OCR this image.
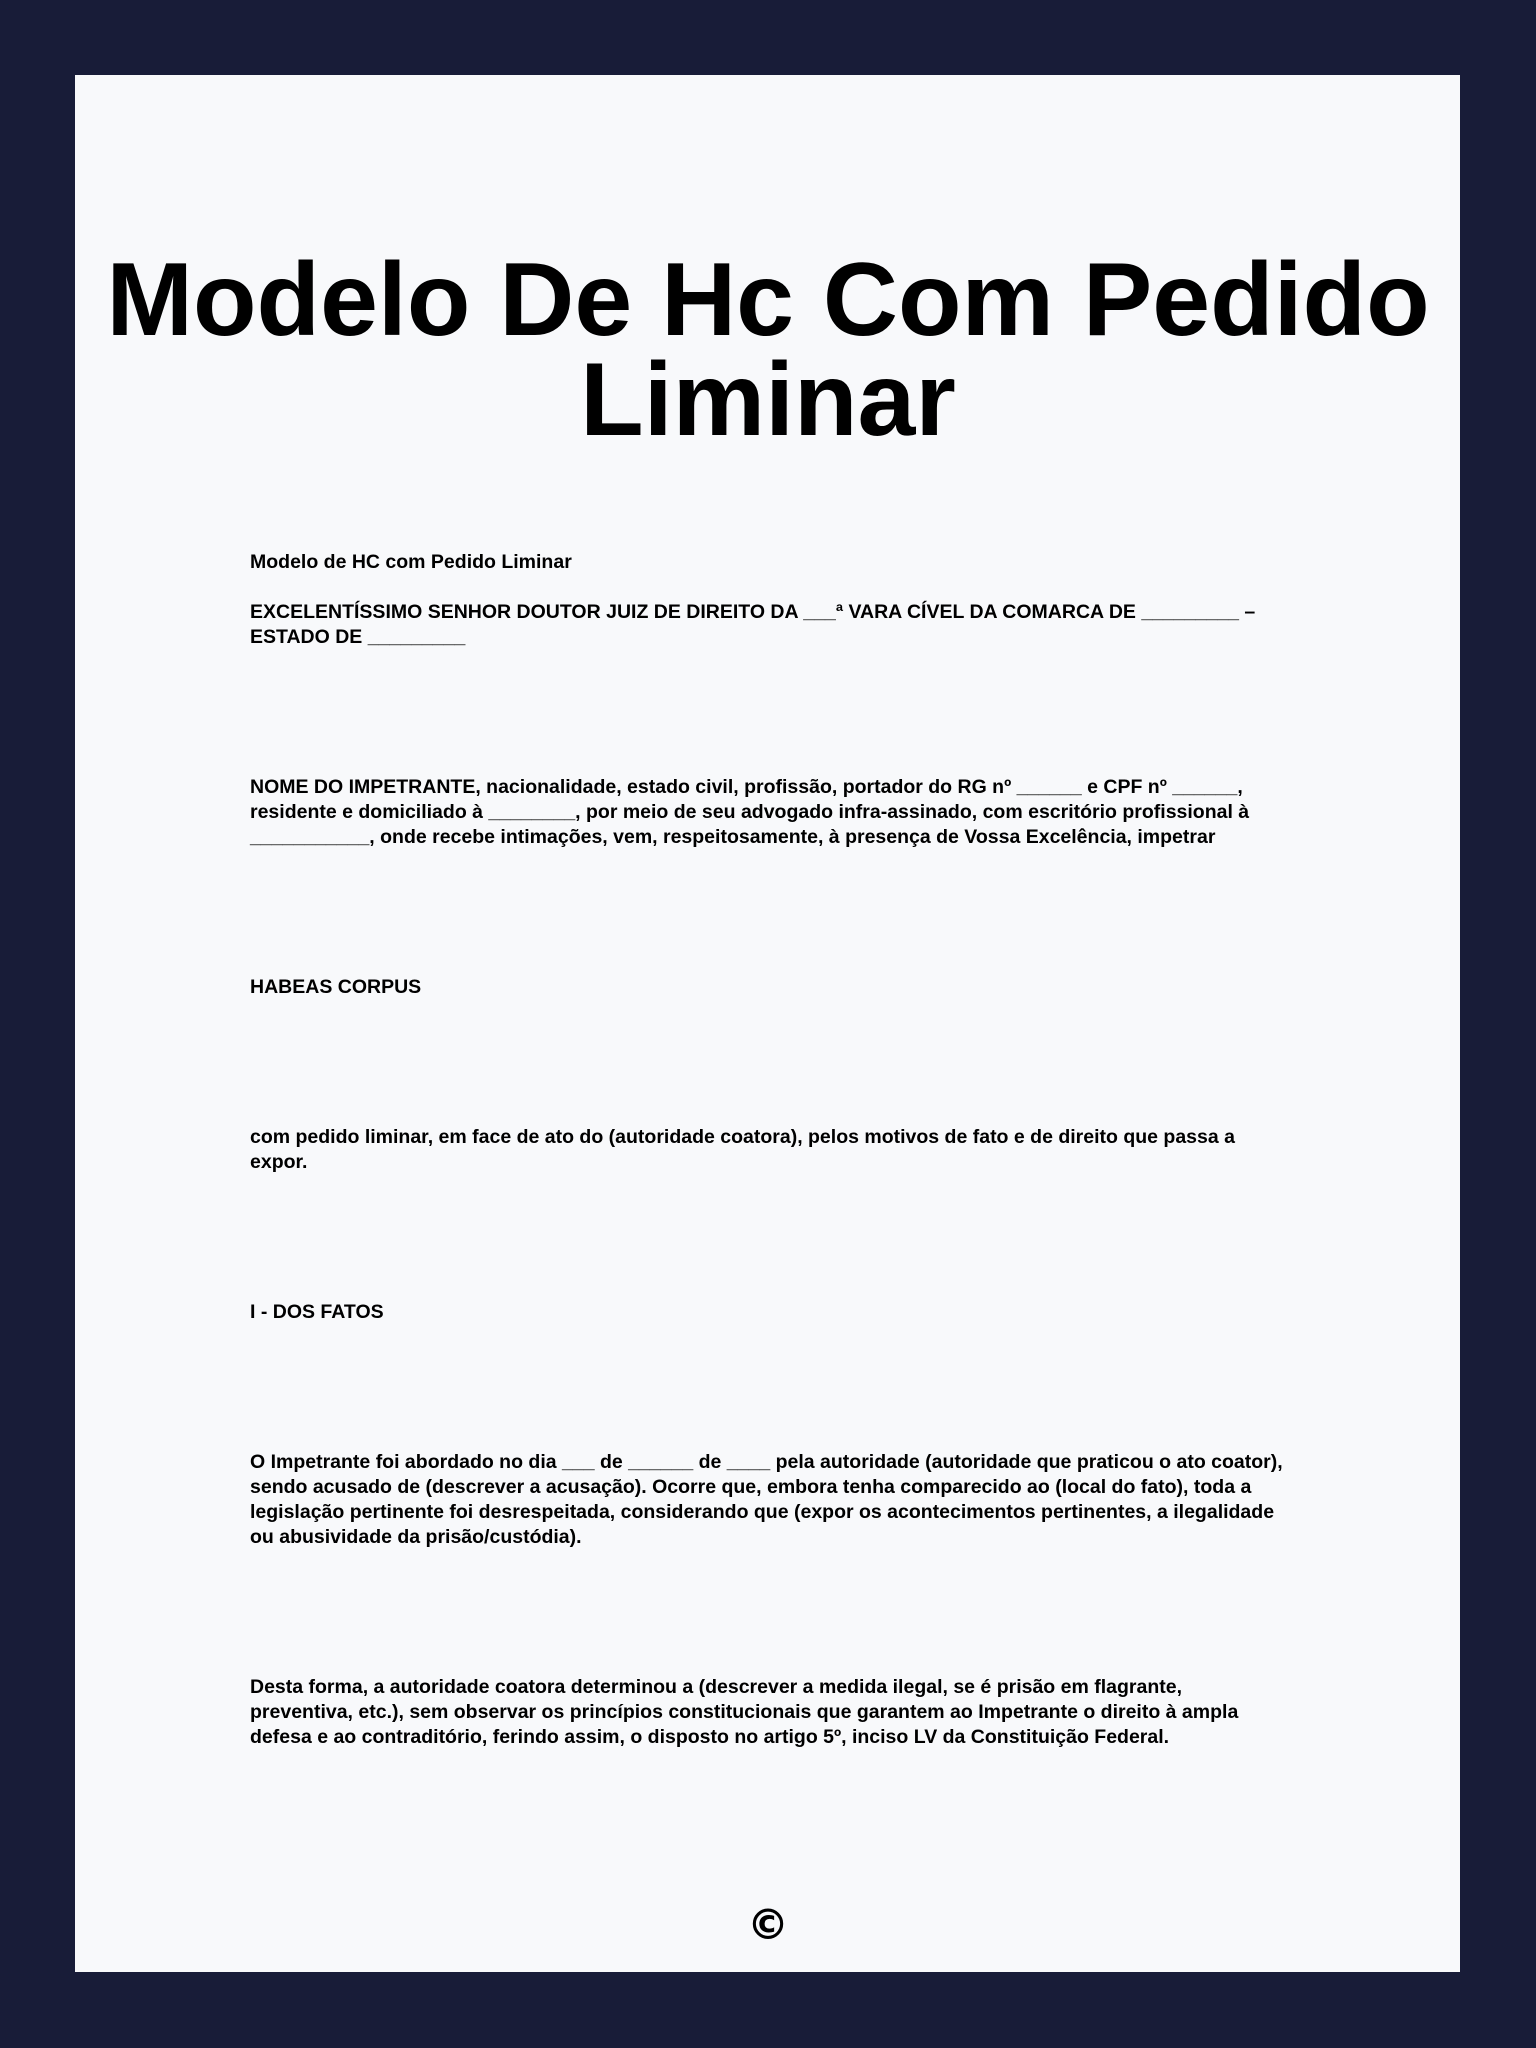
Modelo De Hc Com Pedido Liminar

Modelo de HC com Pedido Liminar

EXCELENTÍSSIMO SENHOR DOUTOR JUIZ DE DIREITO DA ___ª VARA CÍVEL DA COMARCA DE _________ – ESTADO DE _________

NOME DO IMPETRANTE, nacionalidade, estado civil, profissão, portador do RG nº ______ e CPF nº ______, residente e domiciliado à ________, por meio de seu advogado infra-assinado, com escritório profissional à ___________, onde recebe intimações, vem, respeitosamente, à presença de Vossa Excelência, impetrar

HABEAS CORPUS

com pedido liminar, em face de ato do (autoridade coatora), pelos motivos de fato e de direito que passa a expor.

I - DOS FATOS

O Impetrante foi abordado no dia ___ de ______ de ____ pela autoridade (autoridade que praticou o ato coator), sendo acusado de (descrever a acusação). Ocorre que, embora tenha comparecido ao (local do fato), toda a legislação pertinente foi desrespeitada, considerando que (expor os acontecimentos pertinentes, a ilegalidade ou abusividade da prisão/custódia).

Desta forma, a autoridade coatora determinou a (descrever a medida ilegal, se é prisão em flagrante, preventiva, etc.), sem observar os princípios constitucionais que garantem ao Impetrante o direito à ampla defesa e ao contraditório, ferindo assim, o disposto no artigo 5º, inciso LV da Constituição Federal.

©
